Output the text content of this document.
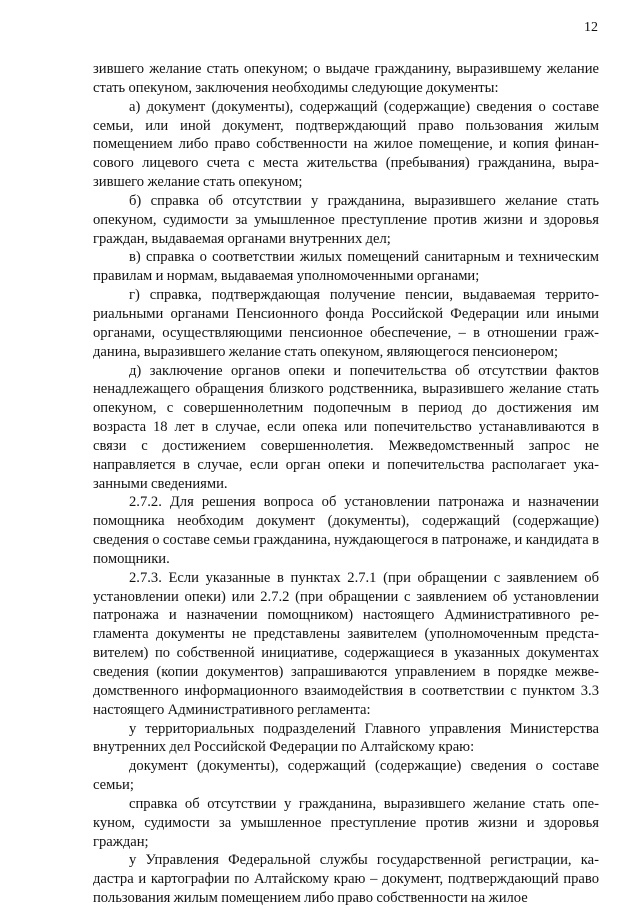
12

зившего желание стать опекуном; о выдаче гражданину, выразившему желание стать опекуном, заключения необходимы следующие документы:

а) документ (документы), содержащий (содержащие) сведения о составе семьи, или иной документ, подтверждающий право пользования жилым помещением либо право собственности на жилое помещение, и копия финансового лицевого счета с места жительства (пребывания) гражданина, выразившего желание стать опекуном;

б) справка об отсутствии у гражданина, выразившего желание стать опекуном, судимости за умышленное преступление против жизни и здоровья граждан, выдаваемая органами внутренних дел;

в) справка о соответствии жилых помещений санитарным и техническим правилам и нормам, выдаваемая уполномоченными органами;

г) справка, подтверждающая получение пенсии, выдаваемая территориальными органами Пенсионного фонда Российской Федерации или иными органами, осуществляющими пенсионное обеспечение, – в отношении гражданина, выразившего желание стать опекуном, являющегося пенсионером;

д) заключение органов опеки и попечительства об отсутствии фактов ненадлежащего обращения близкого родственника, выразившего желание стать опекуном, с совершеннолетним подопечным в период до достижения им возраста 18 лет в случае, если опека или попечительство устанавливаются в связи с достижением совершеннолетия. Межведомственный запрос не направляется в случае, если орган опеки и попечительства располагает указанными сведениями.

2.7.2. Для решения вопроса об установлении патронажа и назначении помощника необходим документ (документы), содержащий (содержащие) сведения о составе семьи гражданина, нуждающегося в патронаже, и кандидата в помощники.

2.7.3. Если указанные в пунктах 2.7.1 (при обращении с заявлением об установлении опеки) или 2.7.2 (при обращении с заявлением об установлении патронажа и назначении помощником) настоящего Административного регламента документы не представлены заявителем (уполномоченным представителем) по собственной инициативе, содержащиеся в указанных документах сведения (копии документов) запрашиваются управлением в порядке межведомственного информационного взаимодействия в соответствии с пунктом 3.3 настоящего Административного регламента:

у территориальных подразделений Главного управления Министерства внутренних дел Российской Федерации по Алтайскому краю:

документ (документы), содержащий (содержащие) сведения о составе семьи;

справка об отсутствии у гражданина, выразившего желание стать опекуном, судимости за умышленное преступление против жизни и здоровья граждан;

у Управления Федеральной службы государственной регистрации, кадастра и картографии по Алтайскому краю – документ, подтверждающий право пользования жилым помещением либо право собственности на жилое
